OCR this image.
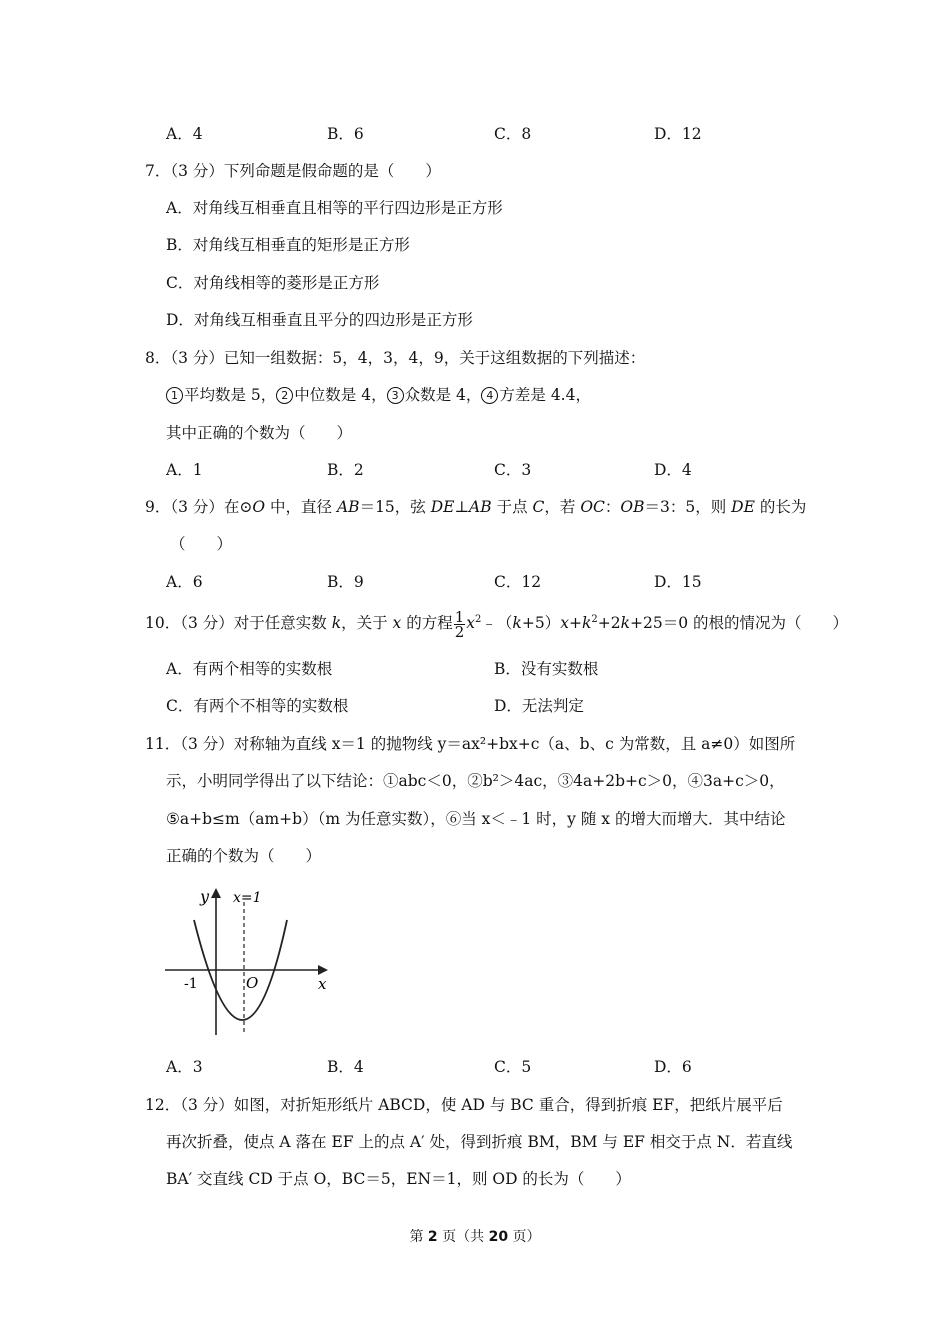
A．4	B．6	C．8	D．12
7．（3 分）下列命题是假命题的是（　　）
A．对角线互相垂直且相等的平行四边形是正方形
B．对角线互相垂直的矩形是正方形
C．对角线相等的菱形是正方形
D．对角线互相垂直且平分的四边形是正方形
8．（3 分）已知一组数据：5，4，3，4，9，关于这组数据的下列描述：
1 平均数是 5， 2 中位数是 4， 3 众数是 4， 4 方差是 4.4，
其中正确的个数为（　　）
A．1	B．2	C．3	D．4
9．（3 分）在⊙O 中，直径 AB＝15，弦 DE⊥AB 于点 C，若 OC：OB＝3：5，则 DE 的长为
（　　）
A．6	B．9	C．12	D．15
10．（3 分）对于任意实数 k，关于 x 的方程 $\frac{1}{2}$ $x^2﹣(k+5)x+k^2+2k+25=0$ 的根的情况为（　　）
A．有两个相等的实数根	B．没有实数根
C．有两个不相等的实数根	D．无法判定
11．（3 分）对称轴为直线 x＝1 的抛物线 y＝ax²+bx+c（a、b、c 为常数，且 a≠0）如图所
示，小明同学得出了以下结论：①abc＜0，②b²＞4ac，③4a+2b+c＞0，④3a+c＞0，
⑤a+b≤m（am+b）（m 为任意实数），⑥当 x＜﹣1 时，y 随 x 的增大而增大．其中结论
正确的个数为（　　）
y x=1
-1	O	x
A．3	B．4	C．5	D．6
12．（3 分）如图，对折矩形纸片 ABCD，使 AD 与 BC 重合，得到折痕 EF，把纸片展平后
再次折叠，使点 A 落在 EF 上的点 A′ 处，得到折痕 BM，BM 与 EF 相交于点 N．若直线
BA′ 交直线 CD 于点 O，BC＝5，EN＝1，则 OD 的长为（　　）
第 2 页（共 20 页）
